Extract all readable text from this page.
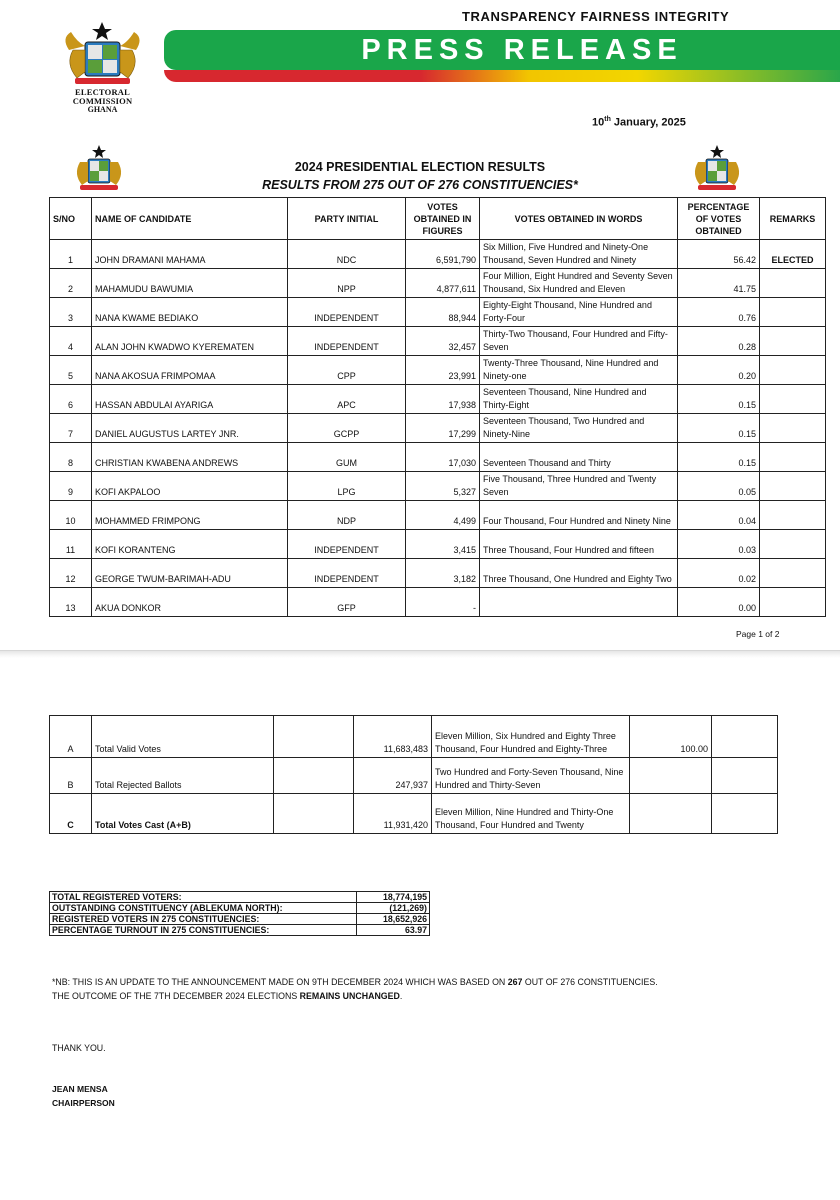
ELECTORAL COMMISSION
GHANA
TRANSPARENCY FAIRNESS INTEGRITY
PRESS RELEASE
10th January, 2025
2024 PRESIDENTIAL ELECTION RESULTS
RESULTS FROM 275 OUT OF 276 CONSTITUENCIES*
S/NO	NAME OF CANDIDATE	PARTY INITIAL	VOTES OBTAINED IN FIGURES	VOTES OBTAINED IN WORDS	PERCENTAGE OF VOTES OBTAINED	REMARKS
1	JOHN DRAMANI MAHAMA	NDC	6,591,790	Six Million, Five Hundred and Ninety-One Thousand, Seven Hundred and Ninety	56.42	ELECTED
2	MAHAMUDU BAWUMIA	NPP	4,877,611	Four Million, Eight Hundred and Seventy Seven Thousand, Six Hundred and Eleven	41.75	
3	NANA KWAME BEDIAKO	INDEPENDENT	88,944	Eighty-Eight Thousand, Nine Hundred and Forty-Four	0.76	
4	ALAN JOHN KWADWO KYEREMATEN	INDEPENDENT	32,457	Thirty-Two Thousand, Four Hundred and Fifty-Seven	0.28	
5	NANA AKOSUA FRIMPOMAA	CPP	23,991	Twenty-Three Thousand, Nine Hundred and Ninety-one	0.20	
6	HASSAN ABDULAI AYARIGA	APC	17,938	Seventeen Thousand, Nine Hundred and Thirty-Eight	0.15	
7	DANIEL AUGUSTUS LARTEY JNR.	GCPP	17,299	Seventeen Thousand, Two Hundred and Ninety-Nine	0.15	
8	CHRISTIAN KWABENA ANDREWS	GUM	17,030	Seventeen Thousand and Thirty	0.15	
9	KOFI AKPALOO	LPG	5,327	Five Thousand, Three Hundred and Twenty Seven	0.05	
10	MOHAMMED FRIMPONG	NDP	4,499	Four Thousand, Four Hundred and Ninety Nine	0.04	
11	KOFI KORANTENG	INDEPENDENT	3,415	Three Thousand, Four Hundred and fifteen	0.03	
12	GEORGE TWUM-BARIMAH-ADU	INDEPENDENT	3,182	Three Thousand, One Hundred and Eighty Two	0.02	
13	AKUA DONKOR	GFP	-		0.00	
Page 1 of 2
A	Total Valid Votes		11,683,483	Eleven Million, Six Hundred and Eighty Three Thousand, Four Hundred and Eighty-Three	100.00	
B	Total Rejected Ballots		247,937	Two Hundred and Forty-Seven Thousand, Nine Hundred and Thirty-Seven		
C	Total Votes Cast (A+B)		11,931,420	Eleven Million, Nine Hundred and Thirty-One Thousand, Four Hundred and Twenty		
TOTAL REGISTERED VOTERS:	18,774,195
OUTSTANDING CONSTITUENCY (ABLEKUMA NORTH):	(121,269)
REGISTERED VOTERS IN 275 CONSTITUENCIES:	18,652,926
PERCENTAGE TURNOUT IN 275 CONSTITUENCIES:	63.97
*NB: THIS IS AN UPDATE TO THE ANNOUNCEMENT MADE ON 9TH DECEMBER 2024 WHICH WAS BASED ON 267 OUT OF 276 CONSTITUENCIES.
THE OUTCOME OF THE 7TH DECEMBER 2024 ELECTIONS REMAINS UNCHANGED.
THANK YOU.
JEAN MENSA
CHAIRPERSON
